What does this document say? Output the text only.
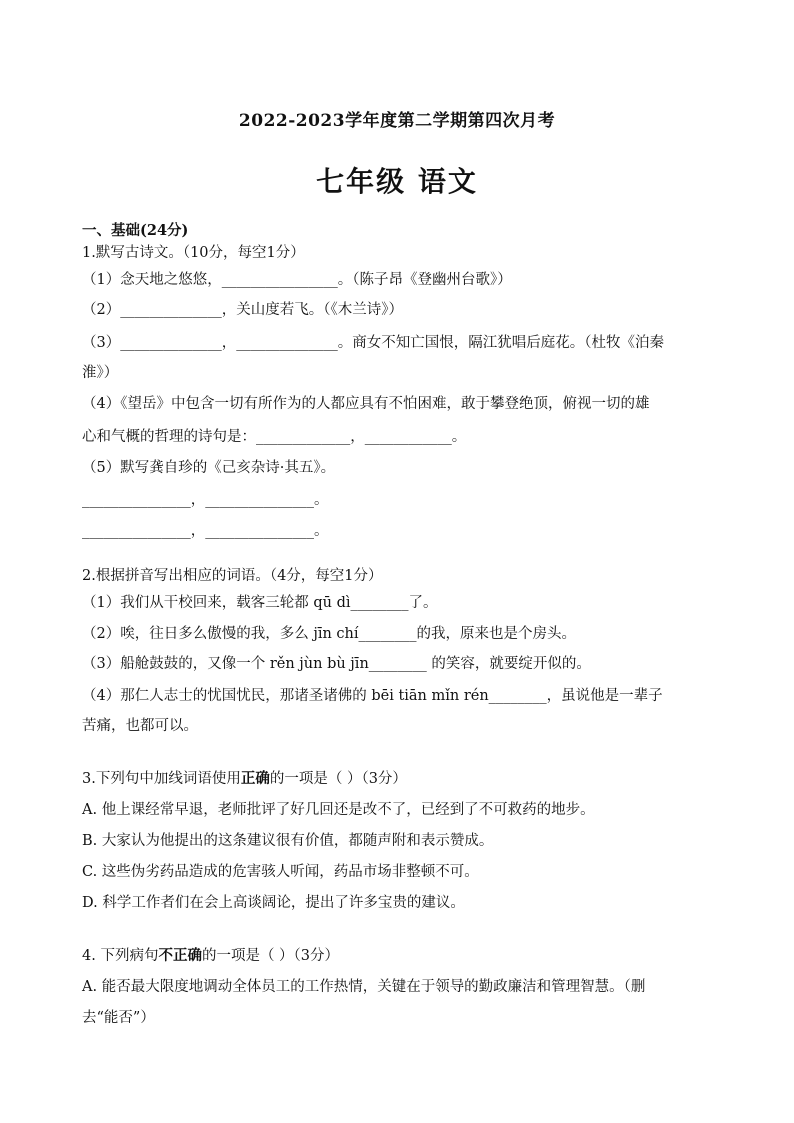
2022-2023学年度第二学期第四次月考
七年级 语文
一、基础(24分)
1.默写古诗文。（10分，每空1分）
（1）念天地之悠悠，________________。（陈子昂《登幽州台歌》）
（2）______________，关山度若飞。（《木兰诗》）
（3）______________，______________。商女不知亡国恨，隔江犹唱后庭花。（杜牧《泊秦
淮》）
（4）《望岳》中包含一切有所作为的人都应具有不怕困难，敢于攀登绝顶，俯视一切的雄
心和气概的哲理的诗句是：_____________，____________。
（5）默写龚自珍的《己亥杂诗·其五》。
_______________，_______________。
_______________，_______________。
2.根据拼音写出相应的词语。（4分，每空1分）
（1）我们从干校回来，载客三轮都 qū dì________了。
（2）唉，往日多么傲慢的我，多么 jīn chí________的我，原来也是个房头。
（3）船舱鼓鼓的，又像一个 rěn jùn bù jīn________ 的笑容，就要绽开似的。
（4）那仁人志士的忧国忧民，那诸圣诸佛的 bēi tiān mǐn rén________，虽说他是一辈子
苦痛，也都可以。
3.下列句中加线词语使用正确的一项是（ ）（3分）
A. 他上课经常早退，老师批评了好几回还是改不了，已经到了不可救药的地步。
B. 大家认为他提出的这条建议很有价值，都随声附和表示赞成。
C. 这些伪劣药品造成的危害骇人听闻，药品市场非整顿不可。
D. 科学工作者们在会上高谈阔论，提出了许多宝贵的建议。
4. 下列病句不正确的一项是（ ）（3分）
A. 能否最大限度地调动全体员工的工作热情，关键在于领导的勤政廉洁和管理智慧。（删
去“能否”）
